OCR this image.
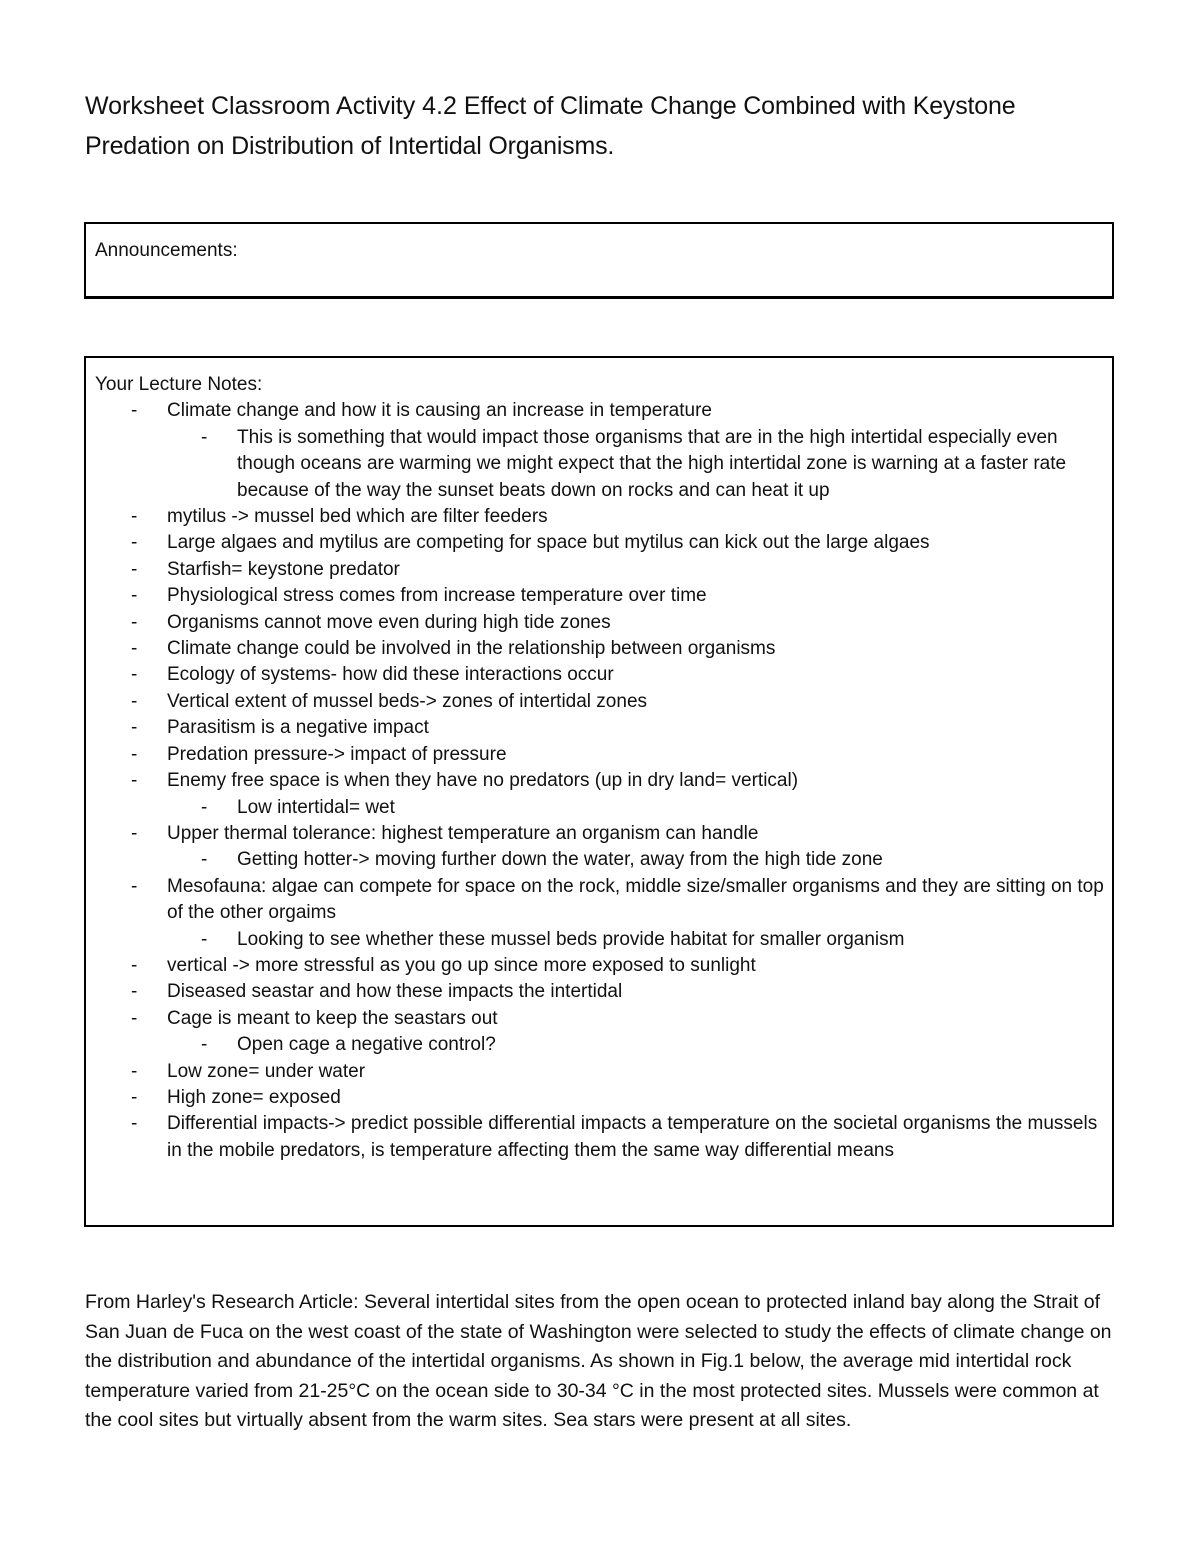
Worksheet Classroom Activity 4.2 Effect of Climate Change Combined with Keystone Predation on Distribution of Intertidal Organisms.
Announcements:
Your Lecture Notes:
- Climate change and how it is causing an increase in temperature
- This is something that would impact those organisms that are in the high intertidal especially even though oceans are warming we might expect that the high intertidal zone is warning at a faster rate because of the way the sunset beats down on rocks and can heat it up
- mytilus -> mussel bed which are filter feeders
- Large algaes and mytilus are competing for space but mytilus can kick out the large algaes
- Starfish= keystone predator
- Physiological stress comes from increase temperature over time
- Organisms cannot move even during high tide zones
- Climate change could be involved in the relationship between organisms
- Ecology of systems- how did these interactions occur
- Vertical extent of mussel beds-> zones of intertidal zones
- Parasitism is a negative impact
- Predation pressure-> impact of pressure
- Enemy free space is when they have no predators (up in dry land= vertical)
- Low intertidal= wet
- Upper thermal tolerance: highest temperature an organism can handle
- Getting hotter-> moving further down the water, away from the high tide zone
- Mesofauna: algae can compete for space on the rock, middle size/smaller organisms and they are sitting on top of the other orgaims
- Looking to see whether these mussel beds provide habitat for smaller organism
- vertical -> more stressful as you go up since more exposed to sunlight
- Diseased seastar and how these impacts the intertidal
- Cage is meant to keep the seastars out
- Open cage a negative control?
- Low zone= under water
- High zone= exposed
- Differential impacts-> predict possible differential impacts a temperature on the societal organisms the mussels in the mobile predators, is temperature affecting them the same way differential means
From Harley's Research Article: Several intertidal sites from the open ocean to protected inland bay along the Strait of San Juan de Fuca on the west coast of the state of Washington were selected to study the effects of climate change on the distribution and abundance of the intertidal organisms. As shown in Fig.1 below, the average mid intertidal rock temperature varied from 21-25°C on the ocean side to 30-34 °C in the most protected sites. Mussels were common at the cool sites but virtually absent from the warm sites. Sea stars were present at all sites.
